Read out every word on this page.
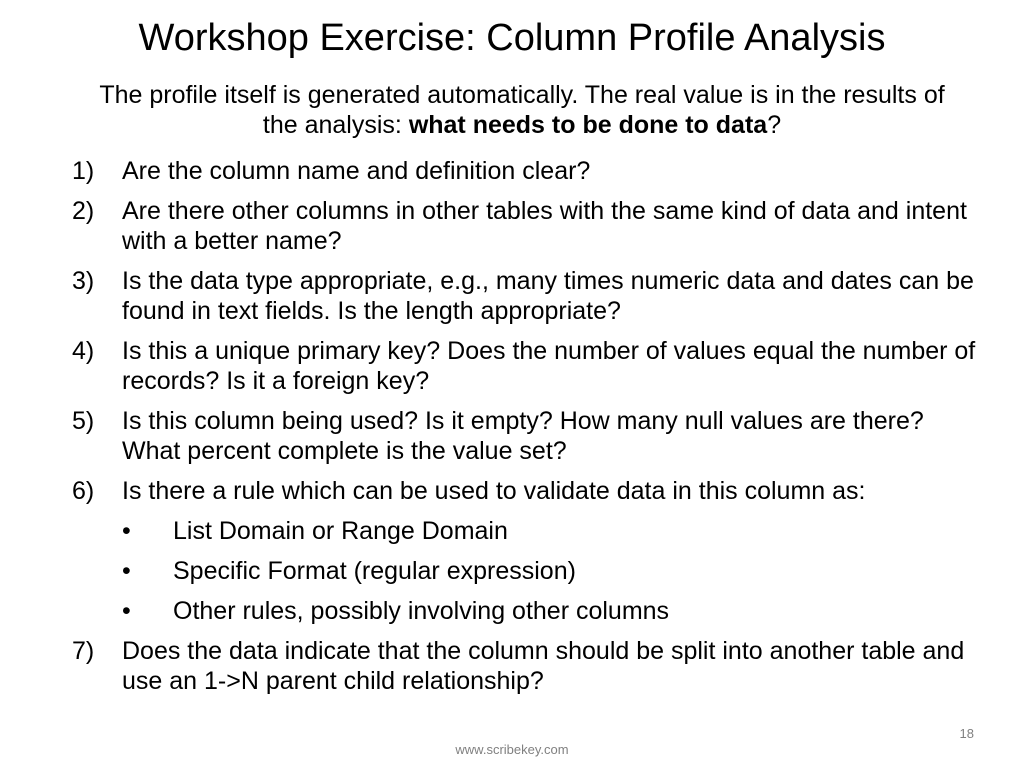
Workshop Exercise: Column Profile Analysis
The profile itself is generated automatically. The real value is in the results of the analysis: what needs to be done to data?
1)	Are the column name and definition clear?
2)	Are there other columns in other tables with the same kind of data and intent with a better name?
3)	Is the data type appropriate, e.g., many times numeric data and dates can be found in text fields. Is the length appropriate?
4)	Is this a unique primary key? Does the number of values equal the number of records? Is it a foreign key?
5)	Is this column being used? Is it empty? How many null values are there? What percent complete is the value set?
6)	Is there a rule which can be used to validate data in this column as:
•	List Domain or Range Domain
•	Specific Format (regular expression)
•	Other rules, possibly involving other columns
7)	Does the data indicate that the column should be split into another table and use an 1->N parent child relationship?
18
www.scribekey.com
